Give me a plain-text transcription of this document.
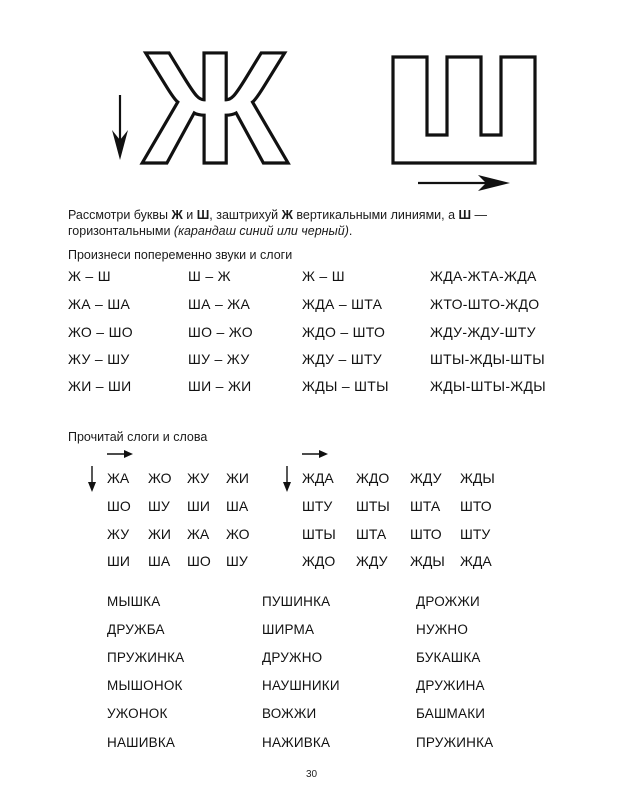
Ж
Рассмотри буквы Ж и Ш, заштрихуй Ж вертикальными линиями, а Ш —
горизонтальными (карандаш синий или черный).
Произнеси попеременно звуки и слоги
Ж – Ш	Ш – Ж	Ж – Ш	ЖДА-ЖТА-ЖДА
ЖА – ША	ША – ЖА	ЖДА – ШТА	ЖТО-ШТО-ЖДО
ЖО – ШО	ШО – ЖО	ЖДО – ШТО	ЖДУ-ЖДУ-ШТУ
ЖУ – ШУ	ШУ – ЖУ	ЖДУ – ШТУ	ШТЫ-ЖДЫ-ШТЫ
ЖИ – ШИ	ШИ – ЖИ	ЖДЫ – ШТЫ	ЖДЫ-ШТЫ-ЖДЫ
Прочитай слоги и слова
ЖА ЖО ЖУ ЖИ
ШО ШУ ШИ ША
ЖУ ЖИ ЖА ЖО
ШИ ША ШО ШУ
ЖДА ЖДО ЖДУ ЖДЫ
ШТУ ШТЫ ШТА ШТО
ШТЫ ШТА ШТО ШТУ
ЖДО ЖДУ ЖДЫ ЖДА
МЫШКА	ПУШИНКА	ДРОЖЖИ
ДРУЖБА	ШИРМА	НУЖНО
ПРУЖИНКА	ДРУЖНО	БУКАШКА
МЫШОНОК	НАУШНИКИ	ДРУЖИНА
УЖОНОК	ВОЖЖИ	БАШМАКИ
НАШИВКА	НАЖИВКА	ПРУЖИНКА
30
